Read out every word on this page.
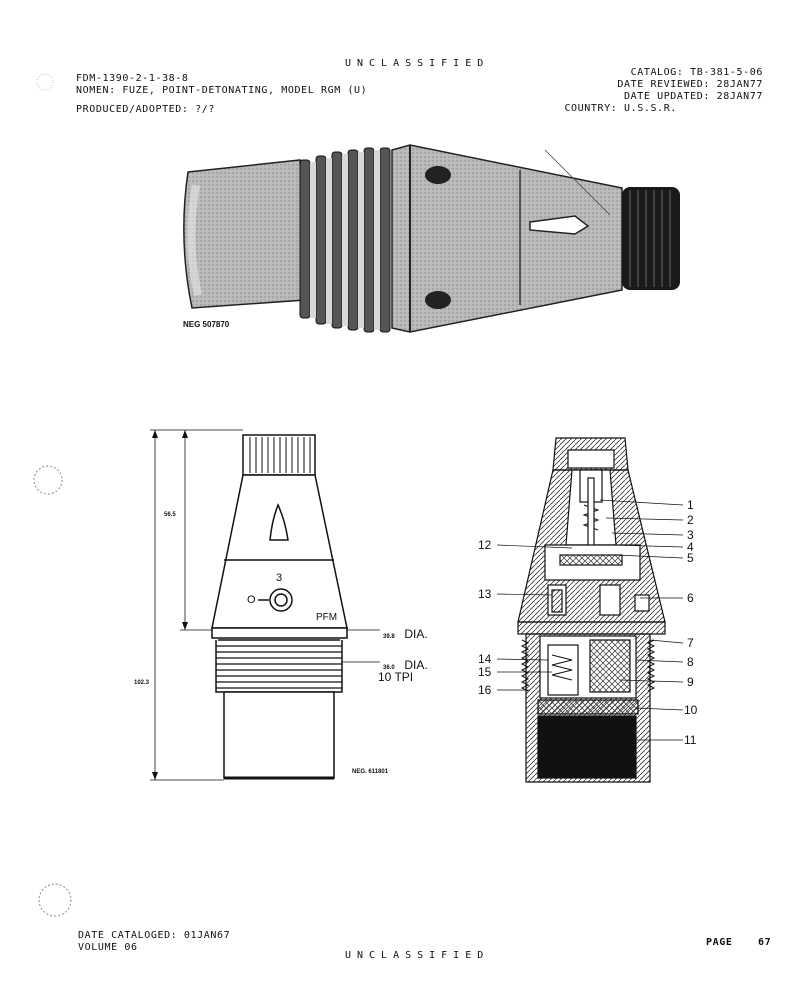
UNCLASSIFIED
FDM-1390-2-1-38-8
NOMEN: FUZE, POINT-DETONATING, MODEL RGM (U)
PRODUCED/ADOPTED: ?/?
CATALOG: TB-381-5-06
DATE REVIEWED: 28JAN77
DATE UPDATED: 28JAN77
COUNTRY: U.S.S.R.
NEG 507870
56.5
102.3
39.8 DIA.
36.0 DIA.
10 TPI
3
O
PFM
NEG. 611801
1
2
3
4
5
6
7
8
9
10
11
12
13
14
15
16
DATE CATALOGED: 01JAN67
VOLUME 06	PAGE	67
UNCLASSIFIED
